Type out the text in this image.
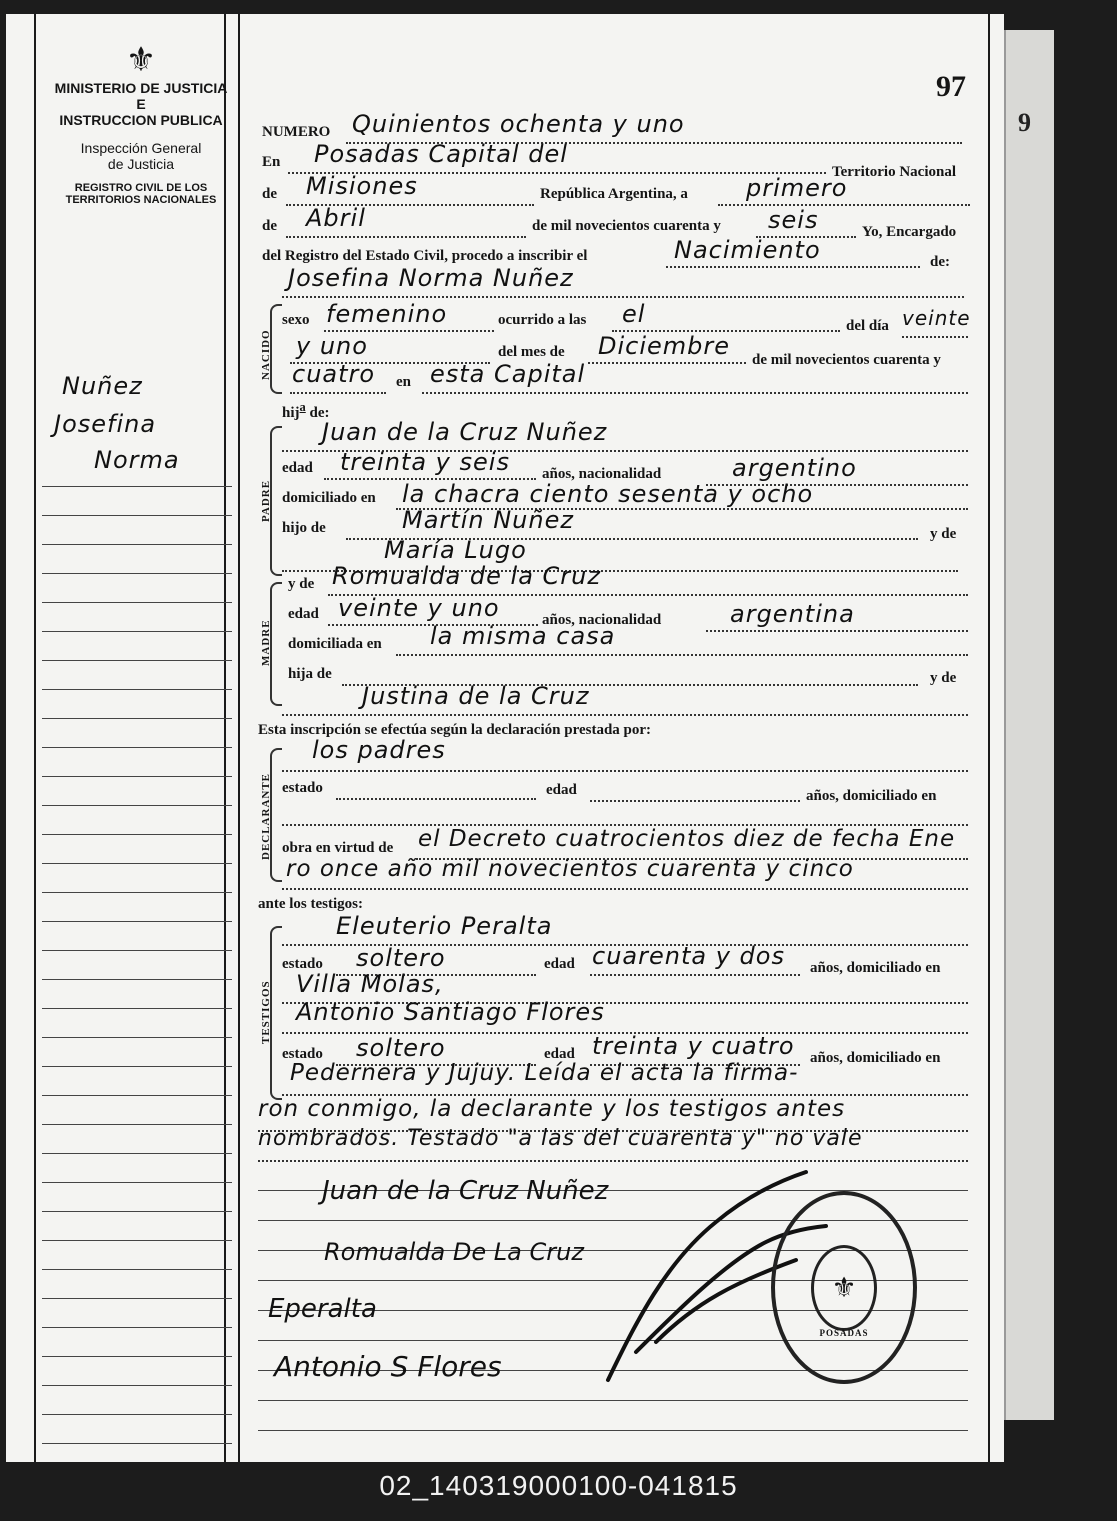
⚜
MINISTERIO DE JUSTICIA
E
INSTRUCCION PUBLICA
Inspección General
de Justicia
REGISTRO CIVIL DE LOS
TERRITORIOS NACIONALES
Nuñez
Josefina
Norma
97
NUMERO Quinientos ochenta y uno
En Posadas Capital del
Territorio Nacional
de Misiones	República Argentina, a primero
de Abril	de mil novecientos cuarenta y seis	Yo, Encargado
del Registro del Estado Civil, procedo a inscribir el	Nacimiento	de:
Josefina Norma Nuñez
NACIDO
sexo femenino	ocurrido a las el	del día veinte
y uno	del mes de Diciembre de mil novecientos cuarenta y
cuatro en esta Capital
hij$^a$ de:
PADRE
Juan de la Cruz Nuñez
edad treinta y seis años, nacionalidad	argentino
domiciliado en la chacra ciento sesenta y ocho
hijo de	Martín Nuñez	y de
María Lugo
y de
MADRE
Romualda de la Cruz
edad veinte y uno	años, nacionalidad	argentina
domiciliada en la misma casa
hija de	y de
Justina de la Cruz
Esta inscripción se efectúa según la declaración prestada por:
DECLARANTE
los padres
estado	edad	años, domiciliado en
obra en virtud de el Decreto cuatrocientos diez de fecha Ene
ro once año mil novecientos cuarenta y cinco
ante los testigos:
TESTIGOS
Eleuterio Peralta
estado soltero	edad cuarenta y dos años, domiciliado en
Villa Molas,
Antonio Santiago Flores
estado soltero	edad treinta y cuatro años, domiciliado en
Pedernera y Jujuy. Leída el acta la firma-
ron conmigo, la declarante y los testigos antes
nombrados. Testado "a las del cuarenta y" no vale
Juan de la Cruz Nuñez
Romualda De La Cruz
Eperalta
Antonio S Flores
⚜
POSADAS
9
02_140319000100-041815
